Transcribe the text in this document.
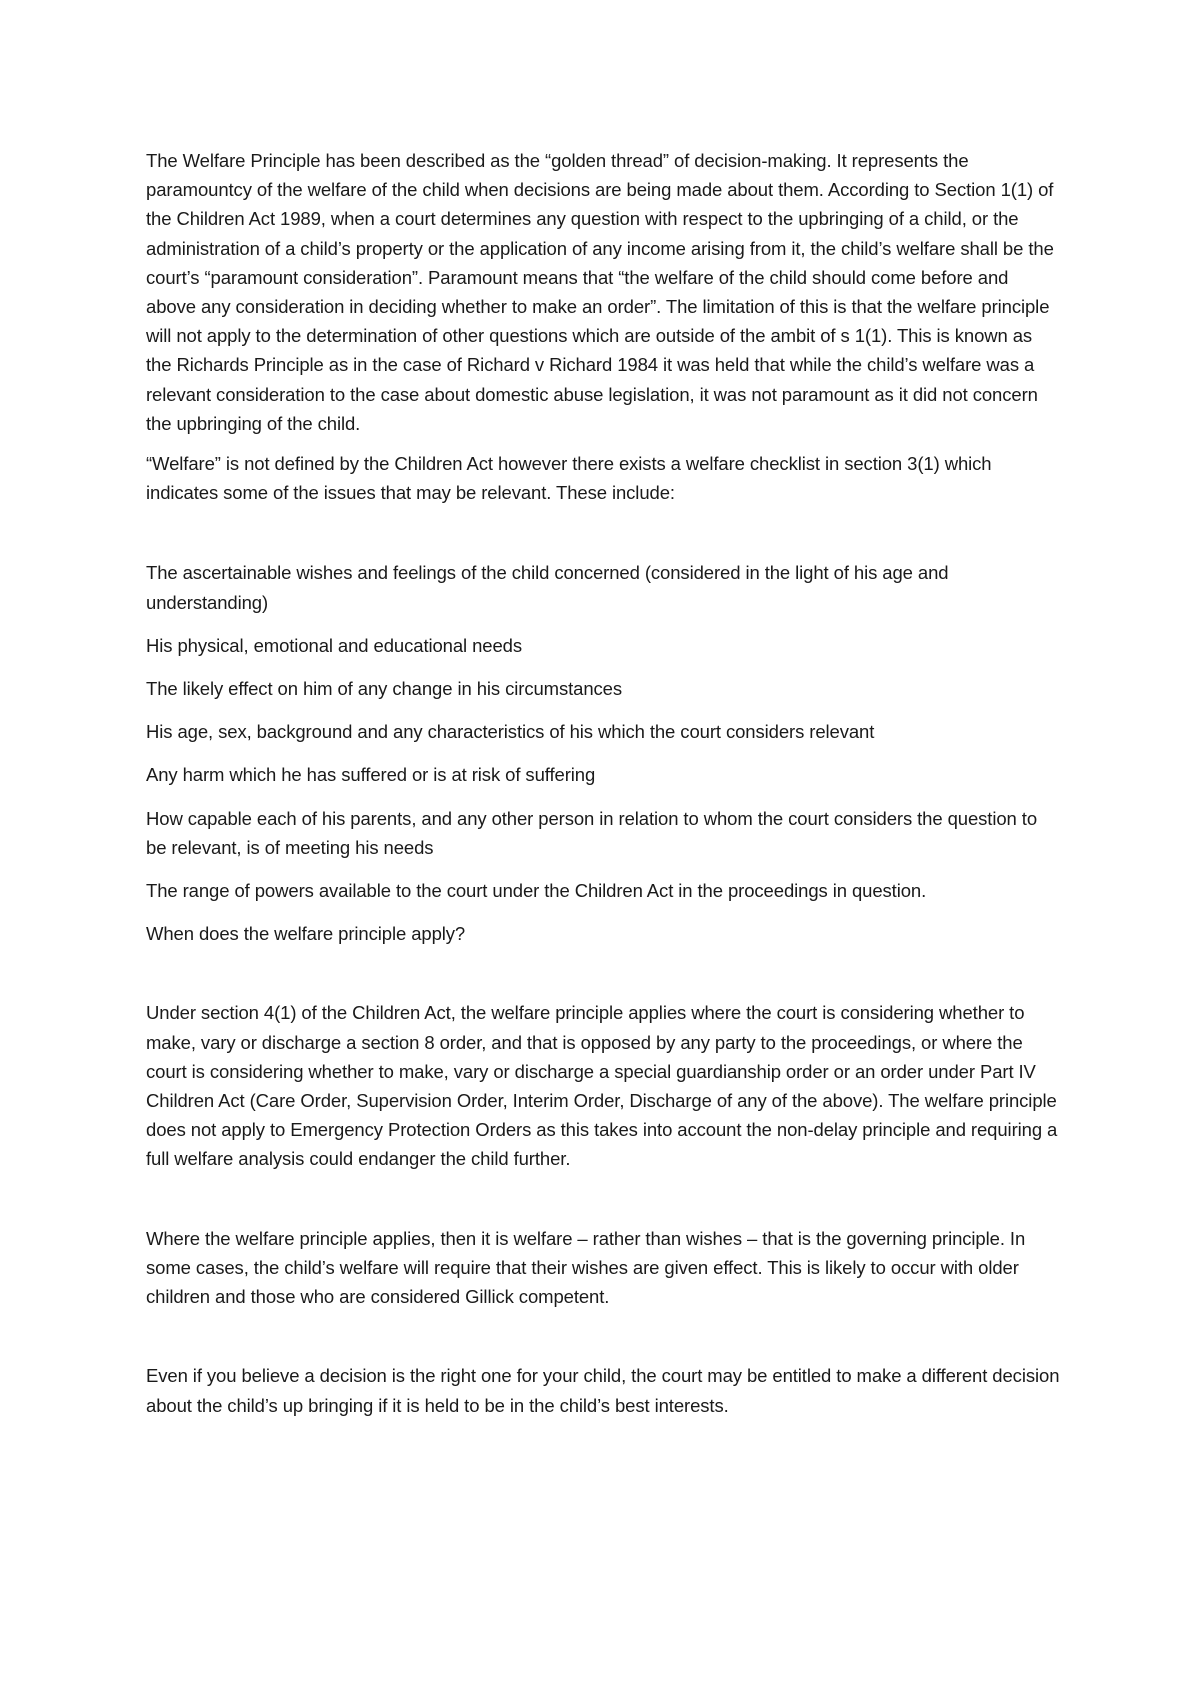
The Welfare Principle has been described as the “golden thread” of decision-making. It represents the paramountcy of the welfare of the child when decisions are being made about them. According to Section 1(1) of the Children Act 1989, when a court determines any question with respect to the upbringing of a child, or the administration of a child’s property or the application of any income arising from it, the child’s welfare shall be the court’s “paramount consideration”. Paramount means that “the welfare of the child should come before and above any consideration in deciding whether to make an order”. The limitation of this is that the welfare principle will not apply to the determination of other questions which are outside of the ambit of s 1(1). This is known as the Richards Principle as in the case of Richard v Richard 1984 it was held that while the child’s welfare was a relevant consideration to the case about domestic abuse legislation, it was not paramount as it did not concern the upbringing of the child.

“Welfare” is not defined by the Children Act however there exists a welfare checklist in section 3(1) which indicates some of the issues that may be relevant. These include:

The ascertainable wishes and feelings of the child concerned (considered in the light of his age and understanding)

His physical, emotional and educational needs

The likely effect on him of any change in his circumstances

His age, sex, background and any characteristics of his which the court considers relevant

Any harm which he has suffered or is at risk of suffering

How capable each of his parents, and any other person in relation to whom the court considers the question to be relevant, is of meeting his needs

The range of powers available to the court under the Children Act in the proceedings in question.

When does the welfare principle apply?

Under section 4(1) of the Children Act, the welfare principle applies where the court is considering whether to make, vary or discharge a section 8 order, and that is opposed by any party to the proceedings, or where the court is considering whether to make, vary or discharge a special guardianship order or an order under Part IV Children Act (Care Order, Supervision Order, Interim Order, Discharge of any of the above). The welfare principle does not apply to Emergency Protection Orders as this takes into account the non-delay principle and requiring a full welfare analysis could endanger the child further.

Where the welfare principle applies, then it is welfare – rather than wishes – that is the governing principle. In some cases, the child’s welfare will require that their wishes are given effect. This is likely to occur with older children and those who are considered Gillick competent.

Even if you believe a decision is the right one for your child, the court may be entitled to make a different decision about the child’s up bringing if it is held to be in the child’s best interests.
